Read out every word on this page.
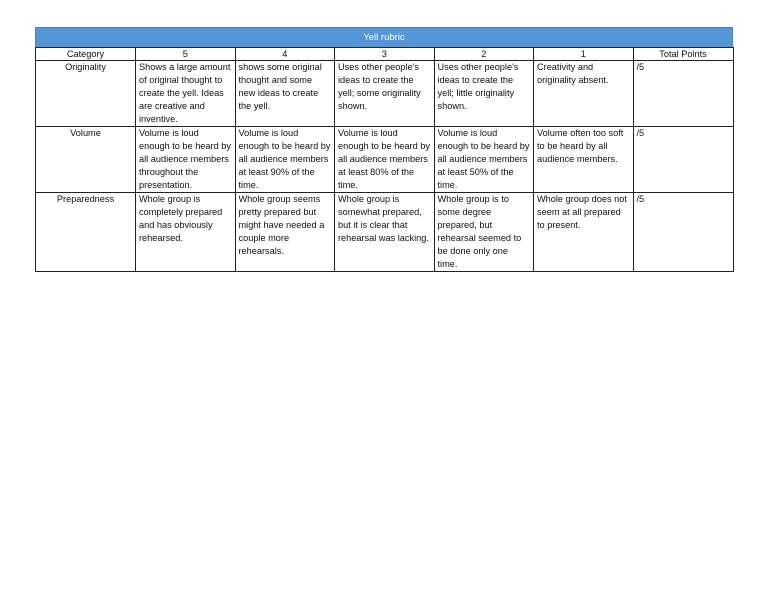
Yell rubric
Category	5	4	3	2	1	Total Points
Originality	Shows a large amount of original thought to create the yell. Ideas are creative and inventive.	shows some original thought and some new ideas to create the yell.	Uses other people's ideas to create the yell; some originality shown.	Uses other people's ideas to create the yell; little originality shown.	Creativity and originality absent.	/5
Volume	Volume is loud enough to be heard by all audience members throughout the presentation.	Volume is loud enough to be heard by all audience members at least 90% of the time.	Volume is loud enough to be heard by all audience members at least 80% of the time.	Volume is loud enough to be heard by all audience members at least 50% of the time.	Volume often too soft to be heard by all audience members.	/5
Preparedness	Whole group is completely prepared and has obviously rehearsed.	Whole group seems pretty prepared but might have needed a couple more rehearsals.	Whole group is somewhat prepared, but it is clear that rehearsal was lacking.	Whole group is to some degree prepared, but rehearsal seemed to be done only one time.	Whole group does not seem at all prepared to present.	/5
